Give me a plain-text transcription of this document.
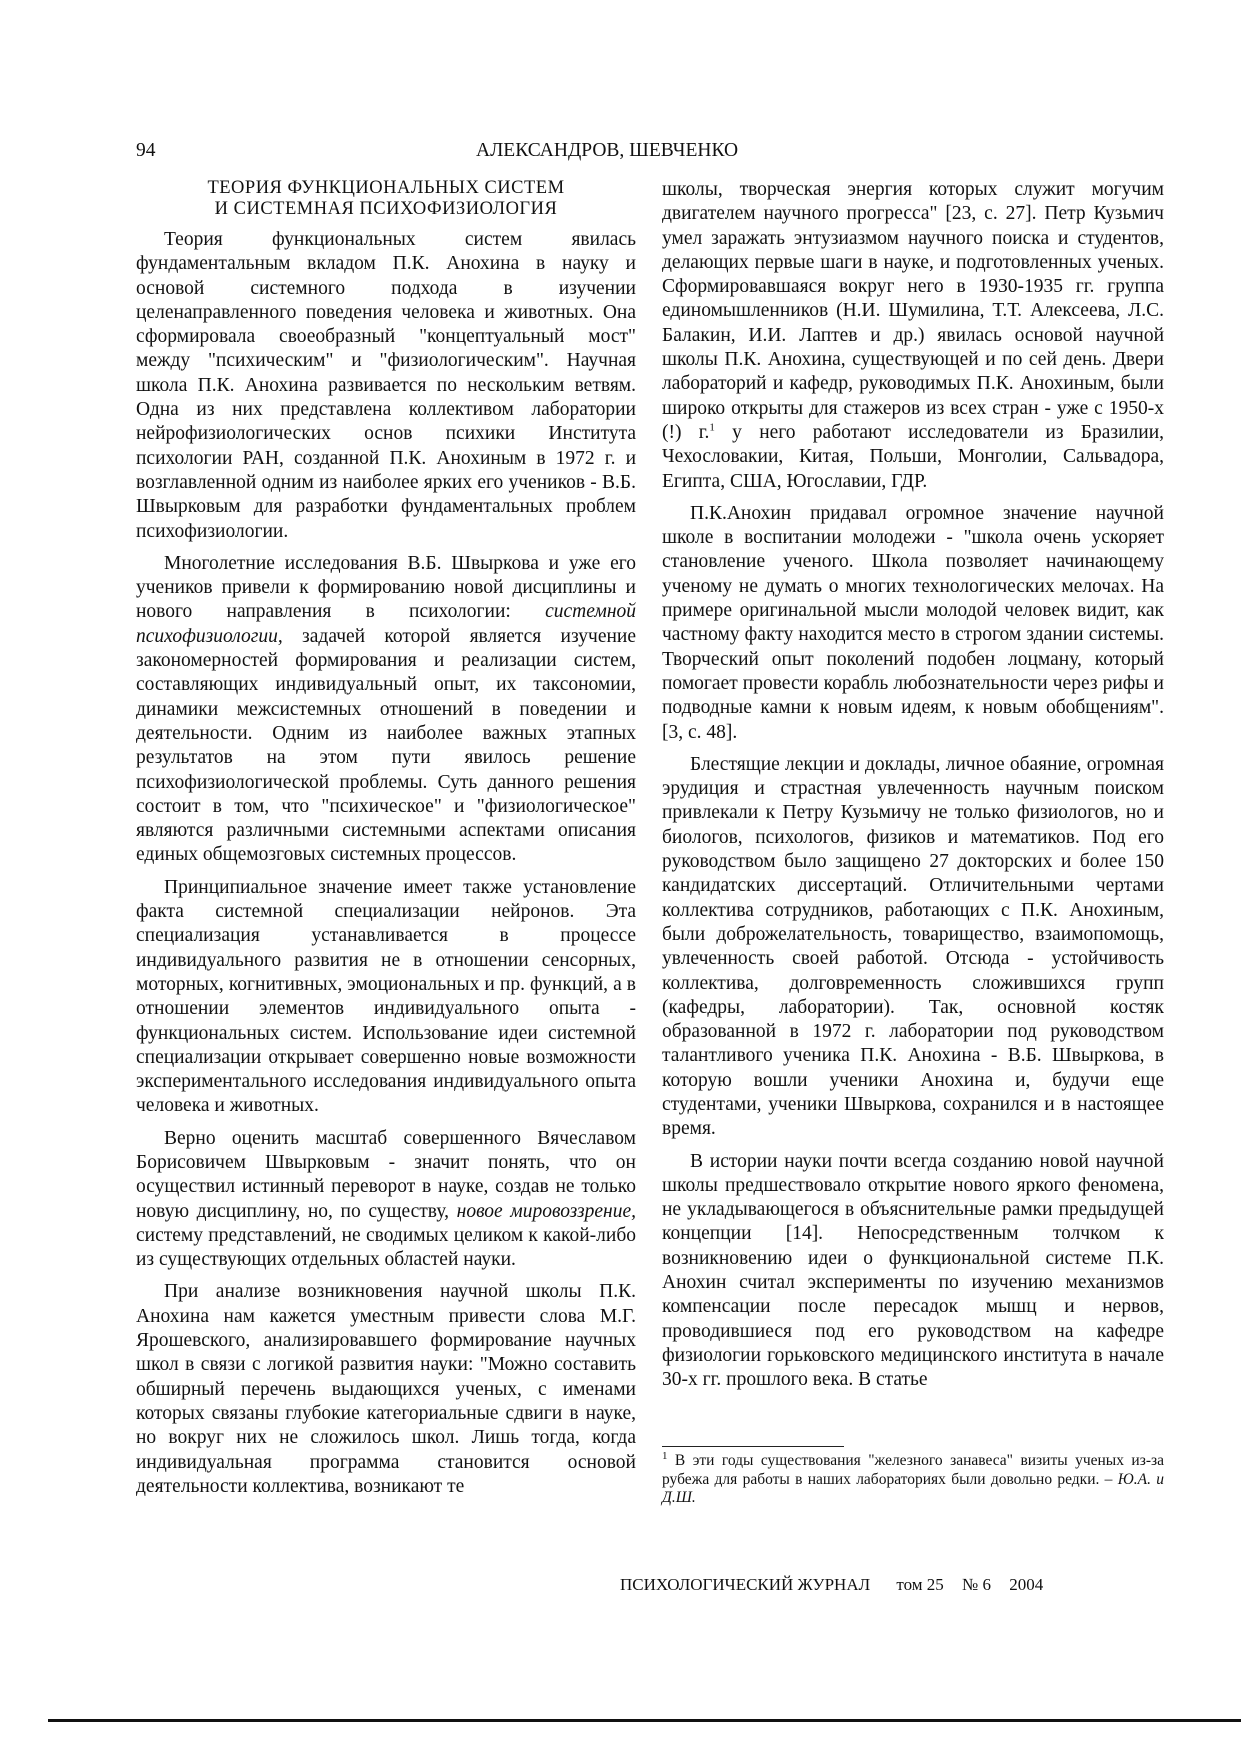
94	АЛЕКСАНДРОВ, ШЕВЧЕНКО
ТЕОРИЯ ФУНКЦИОНАЛЬНЫХ СИСТЕМ
И СИСТЕМНАЯ ПСИХОФИЗИОЛОГИЯ

Теория функциональных систем явилась фундаментальным вкладом П.К. Анохина в науку и основой системного подхода в изучении целенаправленного поведения человека и животных. Она сформировала своеобразный "концептуальный мост" между "психическим" и "физиологическим". Научная школа П.К. Анохина развивается по нескольким ветвям. Одна из них представлена коллективом лаборатории нейрофизиологических основ психики Института психологии РАН, созданной П.К. Анохиным в 1972 г. и возглавленной одним из наиболее ярких его учеников - В.Б. Швырковым для разработки фундаментальных проблем психофизиологии.

Многолетние исследования В.Б. Швыркова и уже его учеников привели к формированию новой дисциплины и нового направления в психологии: системной психофизиологии, задачей которой является изучение закономерностей формирования и реализации систем, составляющих индивидуальный опыт, их таксономии, динамики межсистемных отношений в поведении и деятельности. Одним из наиболее важных этапных результатов на этом пути явилось решение психофизиологической проблемы. Суть данного решения состоит в том, что "психическое" и "физиологическое" являются различными системными аспектами описания единых общемозговых системных процессов.

Принципиальное значение имеет также установление факта системной специализации нейронов. Эта специализация устанавливается в процессе индивидуального развития не в отношении сенсорных, моторных, когнитивных, эмоциональных и пр. функций, а в отношении элементов индивидуального опыта - функциональных систем. Использование идеи системной специализации открывает совершенно новые возможности экспериментального исследования индивидуального опыта человека и животных.

Верно оценить масштаб совершенного Вячеславом Борисовичем Швырковым - значит понять, что он осуществил истинный переворот в науке, создав не только новую дисциплину, но, по существу, новое мировоззрение, систему представлений, не сводимых целиком к какой-либо из существующих отдельных областей науки.

При анализе возникновения научной школы П.К. Анохина нам кажется уместным привести слова М.Г. Ярошевского, анализировавшего формирование научных школ в связи с логикой развития науки: "Можно составить обширный перечень выдающихся ученых, с именами которых связаны глубокие категориальные сдвиги в науке, но вокруг них не сложилось школ. Лишь тогда, когда индивидуальная программа становится основой деятельности коллектива, возникают те

школы, творческая энергия которых служит могучим двигателем научного прогресса" [23, с. 27]. Петр Кузьмич умел заражать энтузиазмом научного поиска и студентов, делающих первые шаги в науке, и подготовленных ученых. Сформировавшаяся вокруг него в 1930-1935 гг. группа единомышленников (Н.И. Шумилина, Т.Т. Алексеева, Л.С. Балакин, И.И. Лаптев и др.) явилась основой научной школы П.К. Анохина, существующей и по сей день. Двери лабораторий и кафедр, руководимых П.К. Анохиным, были широко открыты для стажеров из всех стран - уже с 1950-х (!) г.$^1$ у него работают исследователи из Бразилии, Чехословакии, Китая, Польши, Монголии, Сальвадора, Египта, США, Югославии, ГДР.

П.К.Анохин придавал огромное значение научной школе в воспитании молодежи - "школа очень ускоряет становление ученого. Школа позволяет начинающему ученому не думать о многих технологических мелочах. На примере оригинальной мысли молодой человек видит, как частному факту находится место в строгом здании системы. Творческий опыт поколений подобен лоцману, который помогает провести корабль любознательности через рифы и подводные камни к новым идеям, к новым обобщениям". [3, с. 48].

Блестящие лекции и доклады, личное обаяние, огромная эрудиция и страстная увлеченность научным поиском привлекали к Петру Кузьмичу не только физиологов, но и биологов, психологов, физиков и математиков. Под его руководством было защищено 27 докторских и более 150 кандидатских диссертаций. Отличительными чертами коллектива сотрудников, работающих с П.К. Анохиным, были доброжелательность, товарищество, взаимопомощь, увлеченность своей работой. Отсюда - устойчивость коллектива, долговременность сложившихся групп (кафедры, лаборатории). Так, основной костяк образованной в 1972 г. лаборатории под руководством талантливого ученика П.К. Анохина - В.Б. Швыркова, в которую вошли ученики Анохина и, будучи еще студентами, ученики Швыркова, сохранился и в настоящее время.

В истории науки почти всегда созданию новой научной школы предшествовало открытие нового яркого феномена, не укладывающегося в объяснительные рамки предыдущей концепции [14]. Непосредственным толчком к возникновению идеи о функциональной системе П.К. Анохин считал эксперименты по изучению механизмов компенсации после пересадок мышц и нервов, проводившиеся под его руководством на кафедре физиологии горьковского медицинского института в начале 30-х гг. прошлого века. В статье

$^1$ В эти годы существования "железного занавеса" визиты ученых из-за рубежа для работы в наших лабораториях были довольно редки. – Ю.А. и Д.Ш.
ПСИХОЛОГИЧЕСКИЙ ЖУРНАЛ том 25 № 6 2004
